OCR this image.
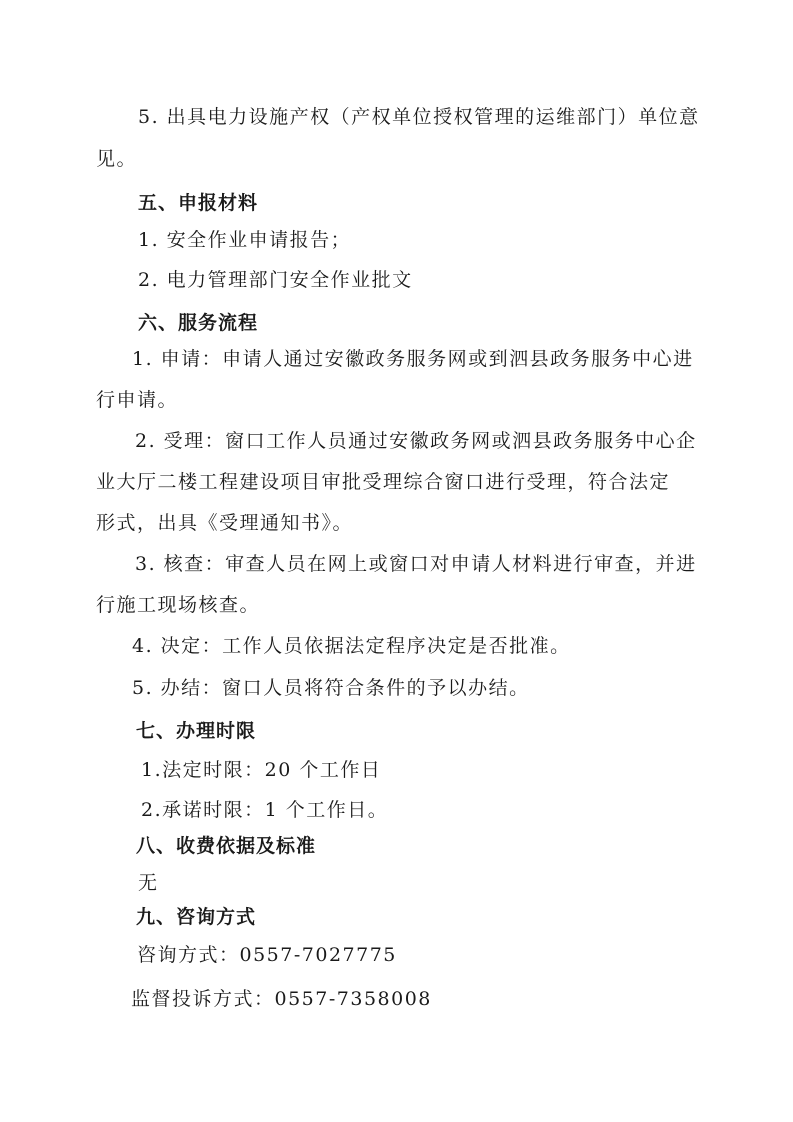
5. 出具电力设施产权（产权单位授权管理的运维部门）单位意
见。
五、申报材料
1. 安全作业申请报告；
2. 电力管理部门安全作业批文
六、服务流程
1. 申请：申请人通过安徽政务服务网或到泗县政务服务中心进
行申请。
2. 受理：窗口工作人员通过安徽政务网或泗县政务服务中心企
业大厅二楼工程建设项目审批受理综合窗口进行受理，符合法定
形式，出具《受理通知书》。
3. 核查：审查人员在网上或窗口对申请人材料进行审查，并进
行施工现场核查。
4. 决定：工作人员依据法定程序决定是否批准。
5. 办结：窗口人员将符合条件的予以办结。
七、办理时限
1.法定时限：20 个工作日
2.承诺时限：1 个工作日。
八、收费依据及标准
无
九、咨询方式
咨询方式：0557-7027775
监督投诉方式：0557-7358008
